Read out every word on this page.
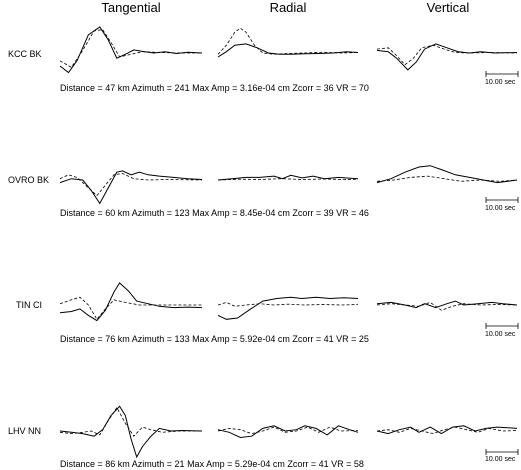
Tangential	Radial	Vertical
KCC BK
Distance = 47 km Azimuth = 241 Max Amp = 3.16e-04 cm Zcorr = 36 VR = 70
10.00 sec
OVRO BK
Distance = 60 km Azimuth = 123 Max Amp = 8.45e-04 cm Zcorr = 39 VR = 46	10.00 sec
TIN CI
Distance = 76 km Azimuth = 133 Max Amp = 5.92e-04 cm Zcorr = 41 VR = 25	10.00 sec
LHV NN
Distance = 86 km Azimuth = 21 Max Amp = 5.29e-04 cm Zcorr = 41 VR = 58	10.00 sec
